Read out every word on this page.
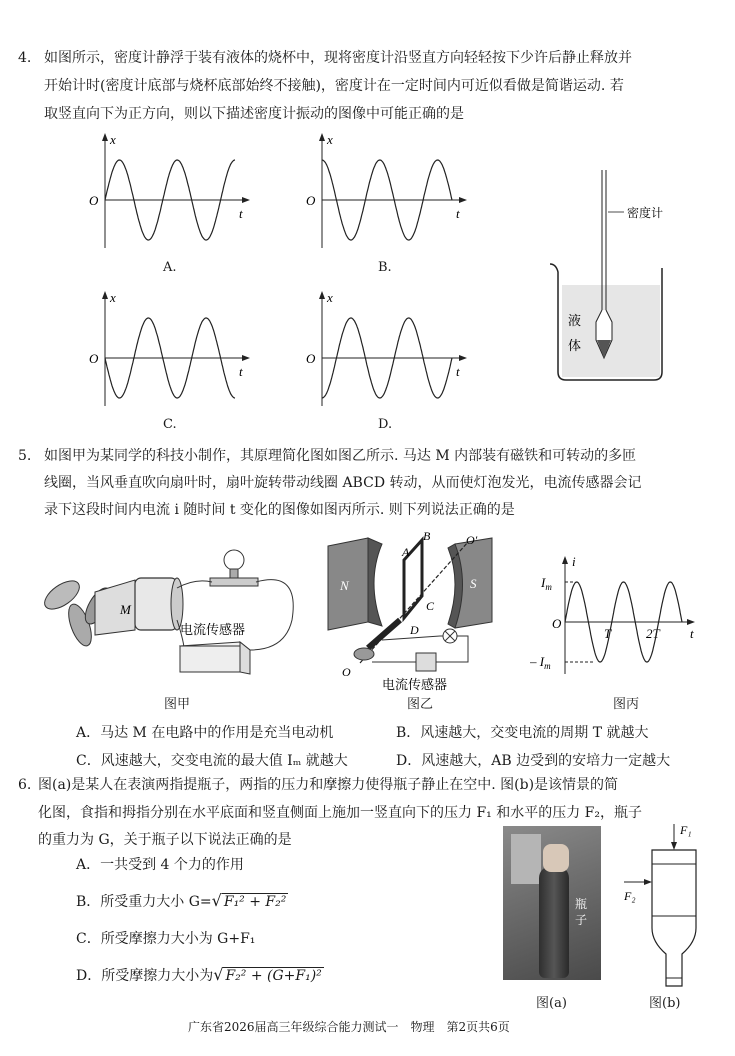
4. 如图所示，密度计静浮于装有液体的烧杯中，现将密度计沿竖直方向轻轻按下少许后静止释放并
开始计时(密度计底部与烧杯底部始终不接触)，密度计在一定时间内可近似看做是简谐运动. 若
取竖直向下为正方向，则以下描述密度计振动的图像中可能正确的是
x
O
t
A.
x
O
t
B.
x
O
t
C.
x
O
t
D.
密度计
液
体
5. 如图甲为某同学的科技小制作，其原理简化图如图乙所示. 马达 M 内部装有磁铁和可转动的多匝
线圈，当风垂直吹向扇叶时，扇叶旋转带动线圈 ABCD 转动，从而使灯泡发光，电流传感器会记
录下这段时间内电流 i 随时间 t 变化的图像如图丙所示. 则下列说法正确的是
M
电流传感器
图甲
N	S
A
B
C
D
O′
O
电流传感器
图乙
i
$I_m$
O
– $I_m$
T	2T t
图丙
A．马达 M 在电路中的作用是充当电动机	B．风速越大，交变电流的周期 T 就越大
C．风速越大，交变电流的最大值 Iₘ 就越大	D．风速越大，AB 边受到的安培力一定越大
6. 图(a)是某人在表演两指提瓶子，两指的压力和摩擦力使得瓶子静止在空中. 图(b)是该情景的简
化图，食指和拇指分别在水平底面和竖直侧面上施加一竖直向下的压力 F₁ 和水平的压力 F₂，瓶子
的重力为 G，关于瓶子以下说法正确的是
A．一共受到 4 个力的作用
B．所受重力大小 G=√ F₁² + F₂²
C．所受摩擦力大小为 G+F₁
D．所受摩擦力大小为√ F₂² + (G+F₁)²
瓶
子
图(a)
F₁
F₂
图(b)
广东省2026届高三年级综合能力测试一　物理　第2页共6页
